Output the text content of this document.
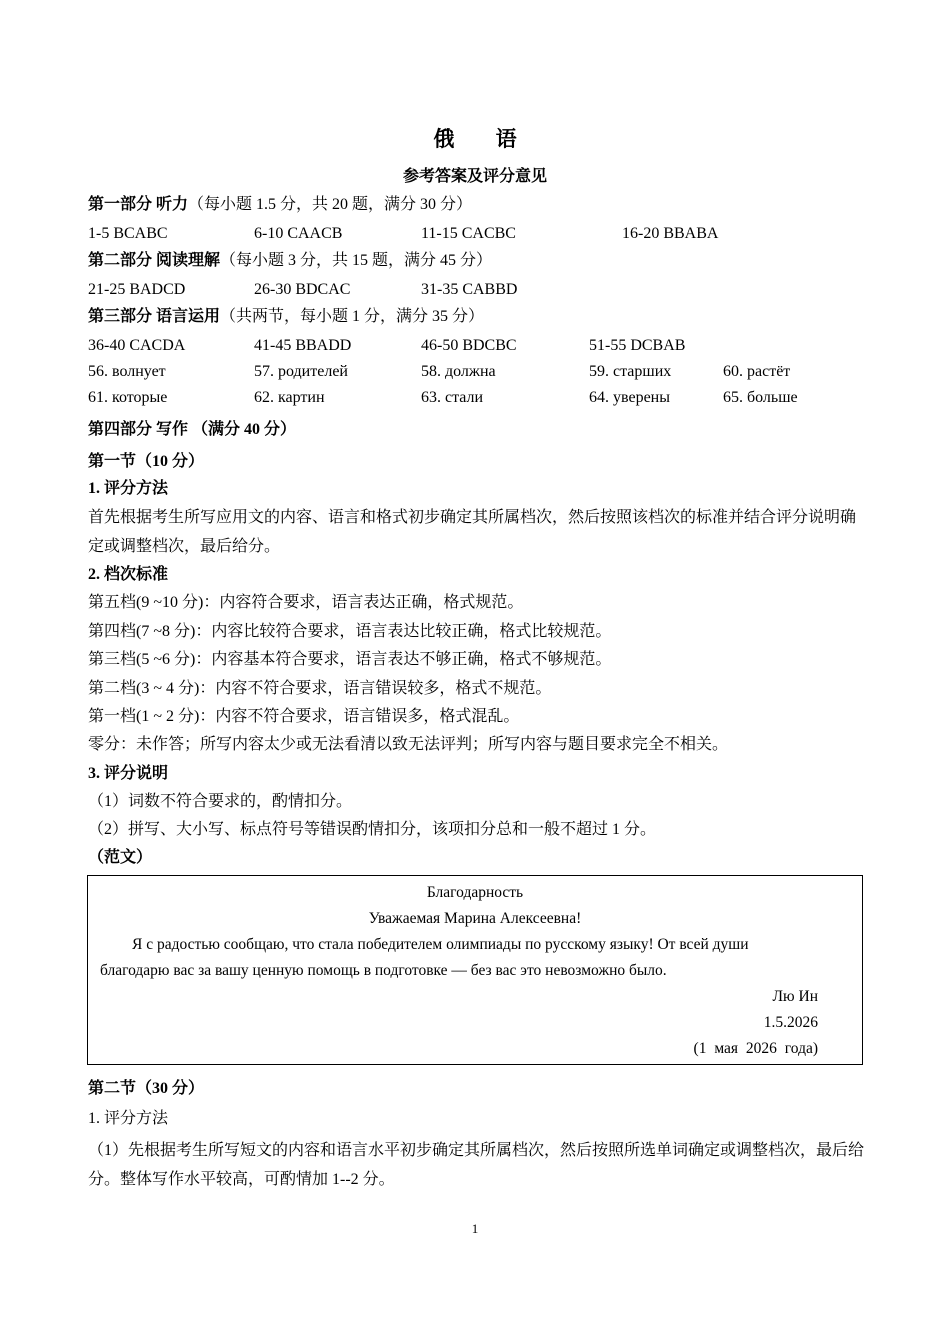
俄 语
参考答案及评分意见
第一部分 听力（每小题 1.5 分，共 20 题，满分 30 分）
1-5 BCABC	6-10 CAACB	11-15 CACBC	16-20 BBABA
第二部分 阅读理解（每小题 3 分，共 15 题，满分 45 分）
21-25 BADCD	26-30 BDCAC	31-35 CABBD
第三部分 语言运用（共两节，每小题 1 分，满分 35 分）
36-40 CACDA	41-45 BBADD	46-50 BDCBC	51-55 DCBAB
56. волнует	57. родителей	58. должна	59. старших	60. растёт
61. которые	62. картин	63. стали	64. уверены	65. больше
第四部分 写作 （满分 40 分）
第一节（10 分）
1. 评分方法
首先根据考生所写应用文的内容、语言和格式初步确定其所属档次，然后按照该档次的标准并结合评分说明确定或调整档次，最后给分。
2. 档次标准
第五档(9 ~10 分)：内容符合要求，语言表达正确，格式规范。
第四档(7 ~8 分)：内容比较符合要求，语言表达比较正确，格式比较规范。
第三档(5 ~6 分)：内容基本符合要求，语言表达不够正确，格式不够规范。
第二档(3 ~ 4 分)：内容不符合要求，语言错误较多，格式不规范。
第一档(1 ~ 2 分)：内容不符合要求，语言错误多，格式混乱。
零分：未作答；所写内容太少或无法看清以致无法评判；所写内容与题目要求完全不相关。
3. 评分说明
（1）词数不符合要求的，酌情扣分。
（2）拼写、大小写、标点符号等错误酌情扣分，该项扣分总和一般不超过 1 分。
（范文）
Благодарность
Уважаемая Марина Алексеевна!
Я с радостью сообщаю, что стала победителем олимпиады по русскому языку! От всей души
благодарю вас за вашу ценную помощь в подготовке — без вас это невозможно было.
Лю Ин
1.5.2026
(1 мая 2026 года)
第二节（30 分）
1. 评分方法
（1）先根据考生所写短文的内容和语言水平初步确定其所属档次，然后按照所选单词确定或调整档次，最后给分。整体写作水平较高，可酌情加 1--2 分。
1
